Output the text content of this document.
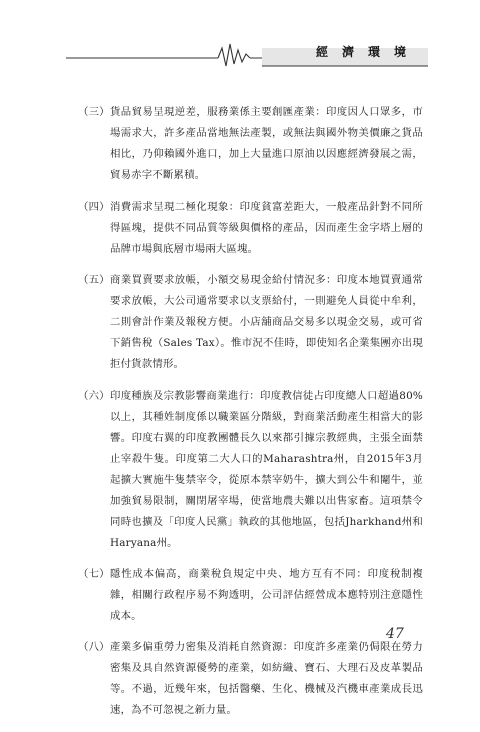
經濟環境
（三） 貨品貿易呈現逆差，服務業係主要創匯產業：印度因人口眾多，市場需求大，許多產品當地無法產製，或無法與國外物美價廉之貨品相比，乃仰賴國外進口，加上大量進口原油以因應經濟發展之需，貿易赤字不斷累積。

（四） 消費需求呈現二極化現象：印度貧富差距大，一般產品針對不同所得區塊，提供不同品質等級與價格的產品，因而產生金字塔上層的品牌市場與底層市場兩大區塊。

（五） 商業買賣要求放帳，小額交易現金給付情況多：印度本地買賣通常要求放帳，大公司通常要求以支票給付，一則避免人員從中牟利，二則會計作業及報稅方便。小店舖商品交易多以現金交易，或可省下銷售稅（Sales Tax）。惟市況不佳時，即使知名企業集團亦出現拒付貨款情形。

（六） 印度種族及宗教影響商業進行：印度教信徒占印度總人口超過80%以上，其種姓制度係以職業區分階級，對商業活動產生相當大的影響。印度右翼的印度教團體長久以來都引據宗教經典，主張全面禁止宰殺牛隻。印度第二大人口的Maharashtra州，自2015年3月起擴大實施牛隻禁宰令，從原本禁宰奶牛，擴大到公牛和閹牛，並加強貿易限制，關閉屠宰場，使當地農夫難以出售家畜。這項禁令同時也擴及「印度人民黨」執政的其他地區，包括Jharkhand州和Haryana州。

（七） 隱性成本偏高，商業稅負規定中央、地方互有不同：印度稅制複雜，相關行政程序易不夠透明，公司評估經營成本應特別注意隱性成本。

（八） 產業多偏重勞力密集及消耗自然資源：印度許多產業仍侷限在勞力密集及具自然資源優勢的產業，如紡織、寶石、大理石及皮革製品等。不過，近幾年來，包括醫藥、生化、機械及汽機車產業成長迅速，為不可忽視之新力量。

47
